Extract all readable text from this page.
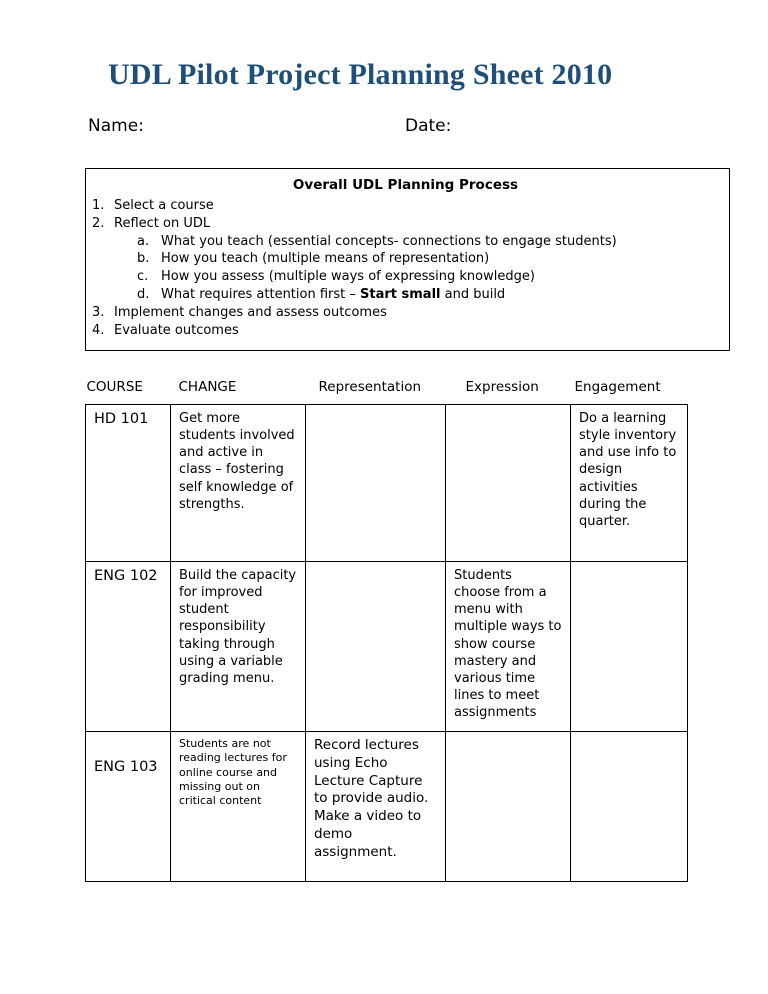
UDL Pilot Project Planning Sheet 2010
Name:	Date:
Overall UDL Planning Process
1. Select a course
2. Reflect on UDL
a. What you teach (essential concepts- connections to engage students)
b. How you teach (multiple means of representation)
c. How you assess (multiple ways of expressing knowledge)
d. What requires attention first – Start small and build
3. Implement changes and assess outcomes
4. Evaluate outcomes
COURSE	CHANGE	Representation	Expression	Engagement
HD 101	Get more students involved and active in class – fostering self knowledge of strengths.			Do a learning style inventory and use info to design activities during the quarter.
ENG 102	Build the capacity for improved student responsibility taking through using a variable grading menu.		Students choose from a menu with multiple ways to show course mastery and various time lines to meet assignments	
ENG 103	Students are not reading lectures for online course and missing out on critical content	Record lectures using Echo Lecture Capture to provide audio. Make a video to demo assignment.		
